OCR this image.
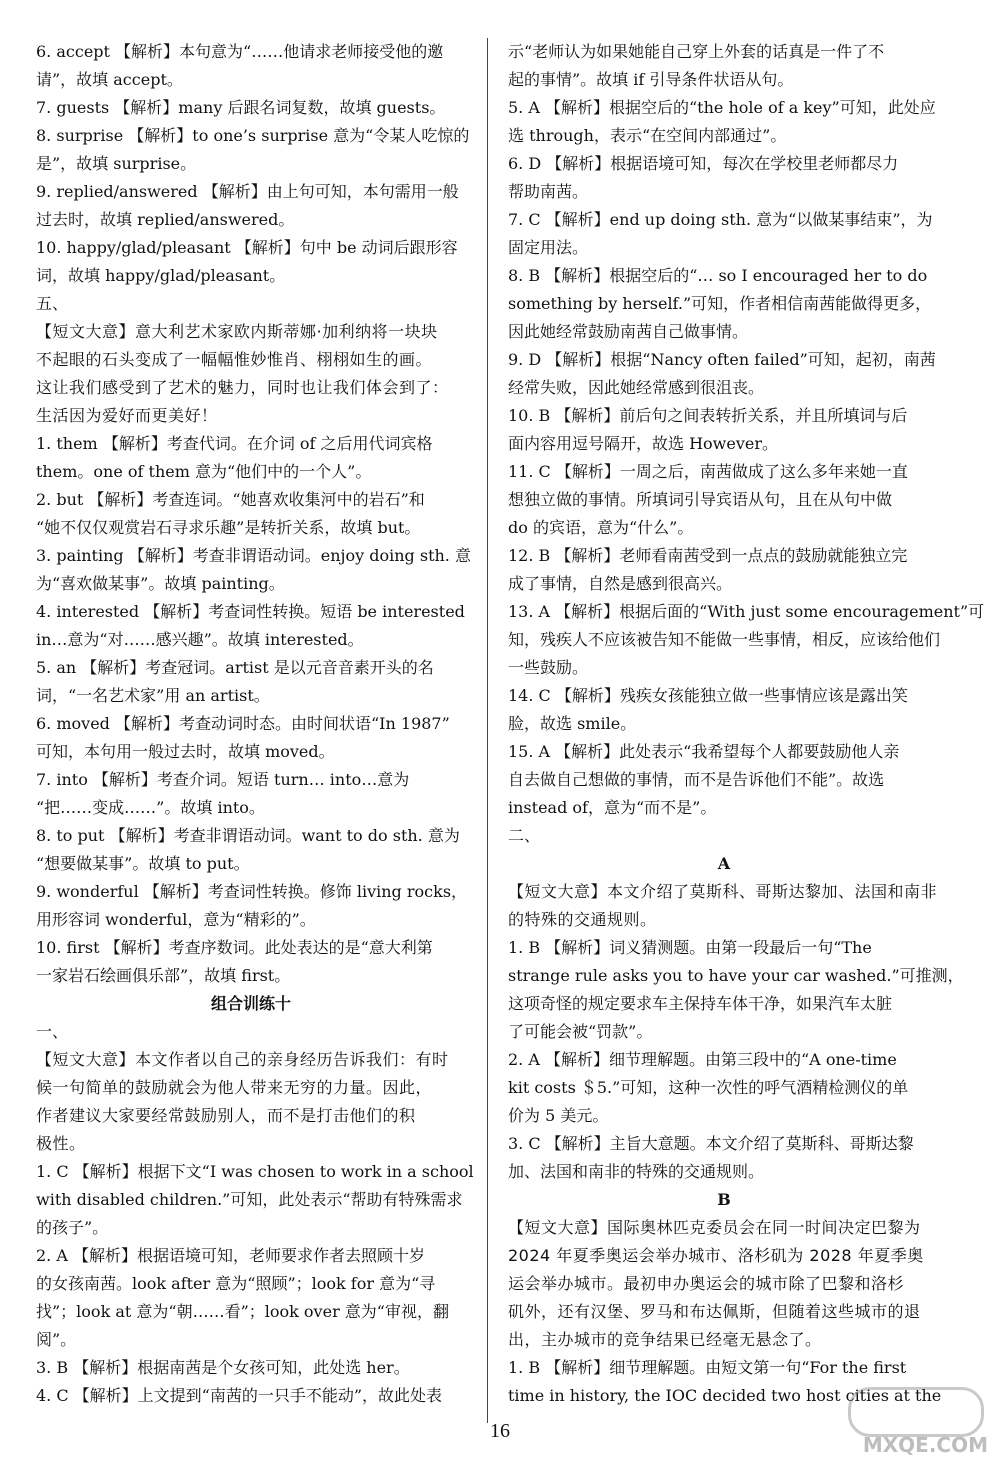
6. accept 【解析】本句意为“……他请求老师接受他的邀
请”，故填 accept。
7. guests 【解析】many 后跟名词复数，故填 guests。
8. surprise 【解析】to one’s surprise 意为“令某人吃惊的
是”，故填 surprise。
9. replied/answered 【解析】由上句可知，本句需用一般
过去时，故填 replied/answered。
10. happy/glad/pleasant 【解析】句中 be 动词后跟形容
词，故填 happy/glad/pleasant。
五、
【短文大意】意大利艺术家欧内斯蒂娜·加利纳将一块块
不起眼的石头变成了一幅幅惟妙惟肖、栩栩如生的画。
这让我们感受到了艺术的魅力，同时也让我们体会到了：
生活因为爱好而更美好！
1. them 【解析】考查代词。在介词 of 之后用代词宾格
them。one of them 意为“他们中的一个人”。
2. but 【解析】考查连词。“她喜欢收集河中的岩石”和
“她不仅仅观赏岩石寻求乐趣”是转折关系，故填 but。
3. painting 【解析】考查非谓语动词。enjoy doing sth. 意
为“喜欢做某事”。故填 painting。
4. interested 【解析】考查词性转换。短语 be interested
in…意为“对……感兴趣”。故填 interested。
5. an 【解析】考查冠词。artist 是以元音音素开头的名
词，“一名艺术家”用 an artist。
6. moved 【解析】考查动词时态。由时间状语“In 1987”
可知，本句用一般过去时，故填 moved。
7. into 【解析】考查介词。短语 turn… into…意为
“把……变成……”。故填 into。
8. to put 【解析】考查非谓语动词。want to do sth. 意为
“想要做某事”。故填 to put。
9. wonderful 【解析】考查词性转换。修饰 living rocks，
用形容词 wonderful，意为“精彩的”。
10. first 【解析】考查序数词。此处表达的是“意大利第
一家岩石绘画俱乐部”，故填 first。
组合训练十
一、
【短文大意】本文作者以自己的亲身经历告诉我们：有时
候一句简单的鼓励就会为他人带来无穷的力量。因此，
作者建议大家要经常鼓励别人，而不是打击他们的积
极性。
1. C 【解析】根据下文“I was chosen to work in a school
with disabled children.”可知，此处表示“帮助有特殊需求
的孩子”。
2. A 【解析】根据语境可知，老师要求作者去照顾十岁
的女孩南茜。look after 意为“照顾”；look for 意为“寻
找”；look at 意为“朝……看”；look over 意为“审视，翻
阅”。
3. B 【解析】根据南茜是个女孩可知，此处选 her。
4. C 【解析】上文提到“南茜的一只手不能动”，故此处表
示“老师认为如果她能自己穿上外套的话真是一件了不
起的事情”。故填 if 引导条件状语从句。
5. A 【解析】根据空后的“the hole of a key”可知，此处应
选 through，表示“在空间内部通过”。
6. D 【解析】根据语境可知，每次在学校里老师都尽力
帮助南茜。
7. C 【解析】end up doing sth. 意为“以做某事结束”，为
固定用法。
8. B 【解析】根据空后的“… so I encouraged her to do
something by herself.”可知，作者相信南茜能做得更多，
因此她经常鼓励南茜自己做事情。
9. D 【解析】根据“Nancy often failed”可知，起初，南茜
经常失败，因此她经常感到很沮丧。
10. B 【解析】前后句之间表转折关系，并且所填词与后
面内容用逗号隔开，故选 However。
11. C 【解析】一周之后，南茜做成了这么多年来她一直
想独立做的事情。所填词引导宾语从句，且在从句中做
do 的宾语，意为“什么”。
12. B 【解析】老师看南茜受到一点点的鼓励就能独立完
成了事情，自然是感到很高兴。
13. A 【解析】根据后面的“With just some encouragement”可
知，残疾人不应该被告知不能做一些事情，相反，应该给他们
一些鼓励。
14. C 【解析】残疾女孩能独立做一些事情应该是露出笑
脸，故选 smile。
15. A 【解析】此处表示“我希望每个人都要鼓励他人亲
自去做自己想做的事情，而不是告诉他们不能”。故选
instead of，意为“而不是”。
二、
A
【短文大意】本文介绍了莫斯科、哥斯达黎加、法国和南非
的特殊的交通规则。
1. B 【解析】词义猜测题。由第一段最后一句“The
strange rule asks you to have your car washed.”可推测，
这项奇怪的规定要求车主保持车体干净，如果汽车太脏
了可能会被“罚款”。
2. A 【解析】细节理解题。由第三段中的“A one-time
kit costs ＄5.”可知，这种一次性的呼气酒精检测仪的单
价为 5 美元。
3. C 【解析】主旨大意题。本文介绍了莫斯科、哥斯达黎
加、法国和南非的特殊的交通规则。
B
【短文大意】国际奥林匹克委员会在同一时间决定巴黎为
2024 年夏季奥运会举办城市、洛杉矶为 2028 年夏季奥
运会举办城市。最初申办奥运会的城市除了巴黎和洛杉
矶外，还有汉堡、罗马和布达佩斯，但随着这些城市的退
出，主办城市的竞争结果已经毫无悬念了。
1. B 【解析】细节理解题。由短文第一句“For the first
time in history, the IOC decided two host cities at the
16
MXQE.COM
